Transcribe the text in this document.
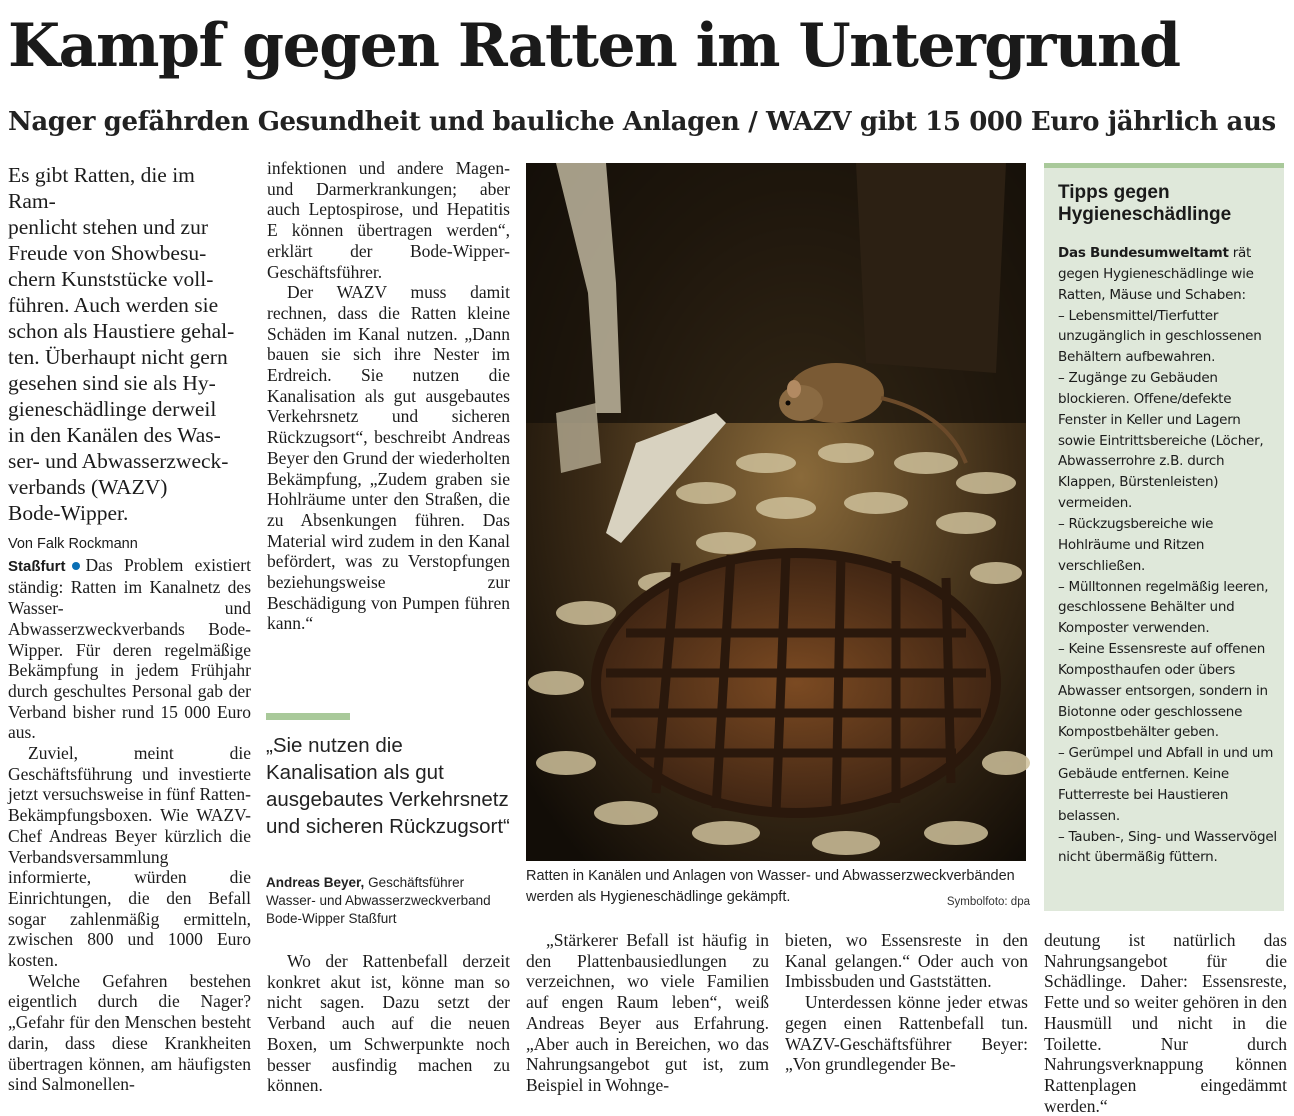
Kampf gegen Ratten im Untergrund
Nager gefährden Gesundheit und bauliche Anlagen / WAZV gibt 15 000 Euro jährlich aus
Es gibt Ratten, die im Ram-
penlicht stehen und zur
Freude von Showbesu-
chern Kunststücke voll-
führen. Auch werden sie
schon als Haustiere gehal-
ten. Überhaupt nicht gern
gesehen sind sie als Hy-
gieneschädlinge derweil
in den Kanälen des Was-
ser- und Abwasserzweck-
verbands (WAZV)
Bode-Wipper.
Von Falk Rockmann

Staßfurt Das Problem existiert ständig: Ratten im Kanalnetz des Wasser- und Abwasserzweckverbands Bode-Wipper. Für deren regelmäßige Bekämpfung in jedem Frühjahr durch geschultes Personal gab der Verband bisher rund 15 000 Euro aus.

Zuviel, meint die Geschäftsführung und investierte jetzt versuchsweise in fünf Ratten-Bekämpfungsboxen. Wie WAZV-Chef Andreas Beyer kürzlich die Verbandsversammlung informierte, würden die Einrichtungen, die den Befall sogar zahlenmäßig ermitteln, zwischen 800 und 1000 Euro kosten.

Welche Gefahren bestehen eigentlich durch die Nager? „Gefahr für den Menschen besteht darin, dass diese Krankheiten übertragen können, am häufigsten sind Salmonellen-

infektionen und andere Magen- und Darmerkrankungen; aber auch Leptospirose, und Hepatitis E können übertragen werden“, erklärt der Bode-Wipper-Geschäftsführer.

Der WAZV muss damit rechnen, dass die Ratten kleine Schäden im Kanal nutzen. „Dann bauen sie sich ihre Nester im Erdreich. Sie nutzen die Kanalisation als gut ausgebautes Verkehrsnetz und sicheren Rückzugsort“, beschreibt Andreas Beyer den Grund der wiederholten Bekämpfung, „Zudem graben sie Hohlräume unter den Straßen, die zu Absenkungen führen. Das Material wird zudem in den Kanal befördert, was zu Verstopfungen beziehungsweise zur Beschädigung von Pumpen führen kann.“

„Sie nutzen die Kanalisation als gut ausgebautes Verkehrsnetz und sicheren Rückzugsort“
Andreas Beyer, Geschäftsführer Wasser- und Abwasserzweckverband Bode-Wipper Staßfurt

Wo der Rattenbefall derzeit konkret akut ist, könne man so nicht sagen. Dazu setzt der Verband auch auf die neuen Boxen, um Schwerpunkte noch besser ausfindig machen zu können.

Ratten in Kanälen und Anlagen von Wasser- und Abwasserzweckverbänden werden als Hygieneschädlinge gekämpft.	Symbolfoto: dpa

„Stärkerer Befall ist häufig in den Plattenbausiedlungen zu verzeichnen, wo viele Familien auf engen Raum leben“, weiß Andreas Beyer aus Erfahrung. „Aber auch in Bereichen, wo das Nahrungsangebot gut ist, zum Beispiel in Wohnge-

bieten, wo Essensreste in den Kanal gelangen.“ Oder auch von Imbissbuden und Gaststätten.

Unterdessen könne jeder etwas gegen einen Rattenbefall tun. WAZV-Geschäftsführer Beyer: „Von grundlegender Be-

deutung ist natürlich das Nahrungsangebot für die Schädlinge. Daher: Essensreste, Fette und so weiter gehören in den Hausmüll und nicht in die Toilette. Nur durch Nahrungsverknappung können Rattenplagen eingedämmt werden.“

Tipps gegen Hygieneschädlinge
Das Bundesumweltamt rät gegen Hygieneschädlinge wie Ratten, Mäuse und Schaben:
– Lebensmittel/Tierfutter unzugänglich in geschlossenen Behältern aufbewahren.
– Zugänge zu Gebäuden blockieren. Offene/defekte Fenster in Keller und Lagern sowie Eintrittsbereiche (Löcher, Abwasserrohre z.B. durch Klappen, Bürstenleisten) vermeiden.
– Rückzugsbereiche wie Hohlräume und Ritzen verschließen.
– Mülltonnen regelmäßig leeren, geschlossene Behälter und Komposter verwenden.
– Keine Essensreste auf offenen Komposthaufen oder übers Abwasser entsorgen, sondern in Biotonne oder geschlossene Kompostbehälter geben.
– Gerümpel und Abfall in und um Gebäude entfernen. Keine Futterreste bei Haustieren belassen.
– Tauben-, Sing- und Wasservögel nicht übermäßig füttern.
